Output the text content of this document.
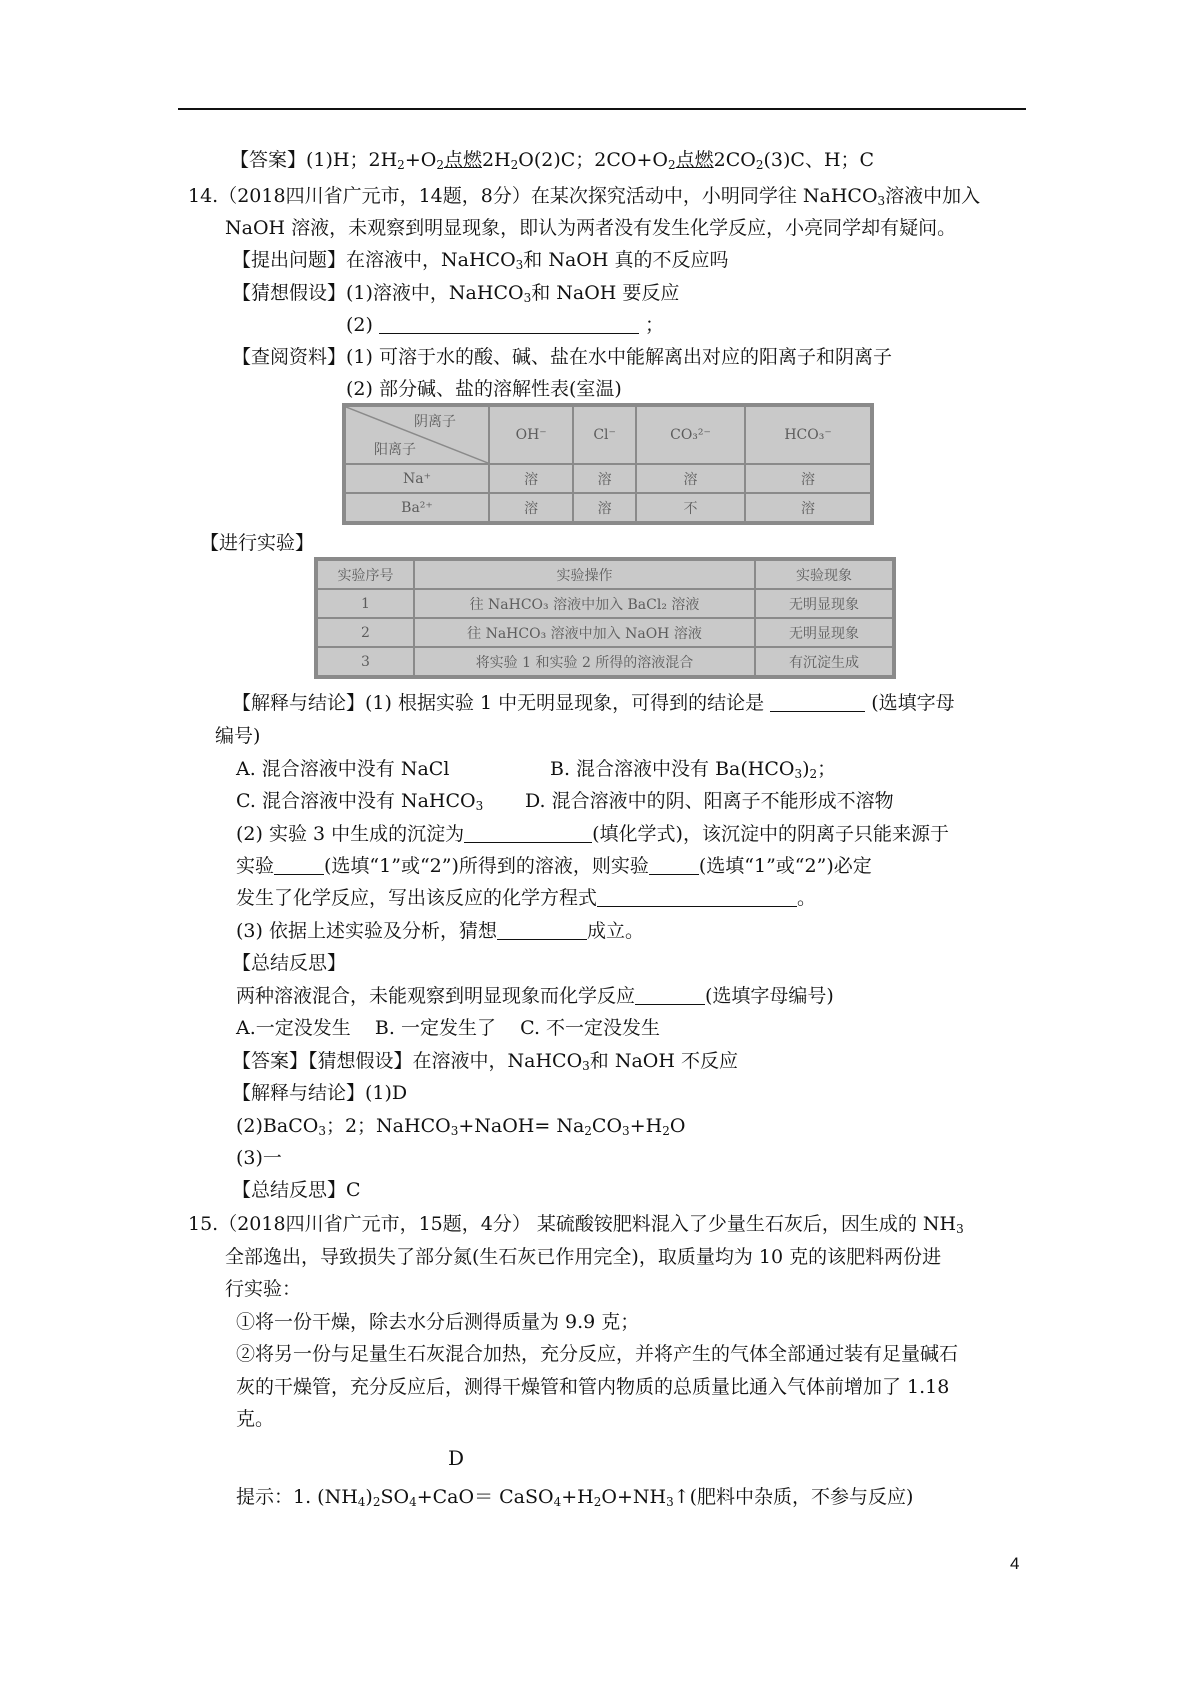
【答案】(1)H；2H2+O2点燃2H2O(2)C；2CO+O2点燃2CO2(3)C、H；C
14.（2018四川省广元市，14题，8分）在某次探究活动中，小明同学往 NaHCO3溶液中加入
NaOH 溶液，未观察到明显现象，即认为两者没有发生化学反应，小亮同学却有疑问。
【提出问题】在溶液中，NaHCO3和 NaOH 真的不反应吗
【猜想假设】(1)溶液中，NaHCO3和 NaOH 要反应
(2)	；
【查阅资料】(1) 可溶于水的酸、碱、盐在水中能解离出对应的阳离子和阴离子
(2) 部分碱、盐的溶解性表(室温)
阴离子
阳离子	OH⁻	Cl⁻	CO₃²⁻	HCO₃⁻
Na⁺	溶	溶	溶	溶
Ba²⁺	溶	溶	不	溶
【进行实验】
实验序号	实验操作	实验现象
1	往 NaHCO₃ 溶液中加入 BaCl₂ 溶液	无明显现象
2	往 NaHCO₃ 溶液中加入 NaOH 溶液	无明显现象
3	将实验 1 和实验 2 所得的溶液混合	有沉淀生成
【解释与结论】(1) 根据实验 1 中无明显现象，可得到的结论是	(选填字母
编号)
A. 混合溶液中没有 NaCl	B. 混合溶液中没有 Ba(HCO3)2；
C. 混合溶液中没有 NaHCO3 D. 混合溶液中的阴、阳离子不能形成不溶物
(2) 实验 3 中生成的沉淀为	(填化学式)，该沉淀中的阴离子只能来源于
实验	(选填“1”或“2”)所得到的溶液，则实验	(选填“1”或“2”)必定
发生了化学反应，写出该反应的化学方程式	。
(3) 依据上述实验及分析，猜想	成立。
【总结反思】
两种溶液混合，未能观察到明显现象而化学反应	(选填字母编号)
A.一定没发生    B. 一定发生了    C. 不一定没发生
【答案】【猜想假设】在溶液中，NaHCO3和 NaOH 不反应
【解释与结论】(1)D
(2)BaCO3；2；NaHCO3+NaOH= Na2CO3+H2O
(3)一
【总结反思】C
15.（2018四川省广元市，15题，4分） 某硫酸铵肥料混入了少量生石灰后，因生成的 NH3
全部逸出，导致损失了部分氮(生石灰已作用完全)，取质量均为 10 克的该肥料两份进
行实验：
①将一份干燥，除去水分后测得质量为 9.9 克；
②将另一份与足量生石灰混合加热，充分反应，并将产生的气体全部通过装有足量碱石
灰的干燥管，充分反应后，测得干燥管和管内物质的总质量比通入气体前增加了 1.18
克。
D
提示：1. (NH4)2SO4+CaO＝ CaSO4+H2O+NH3↑(肥料中杂质，不参与反应)
4
